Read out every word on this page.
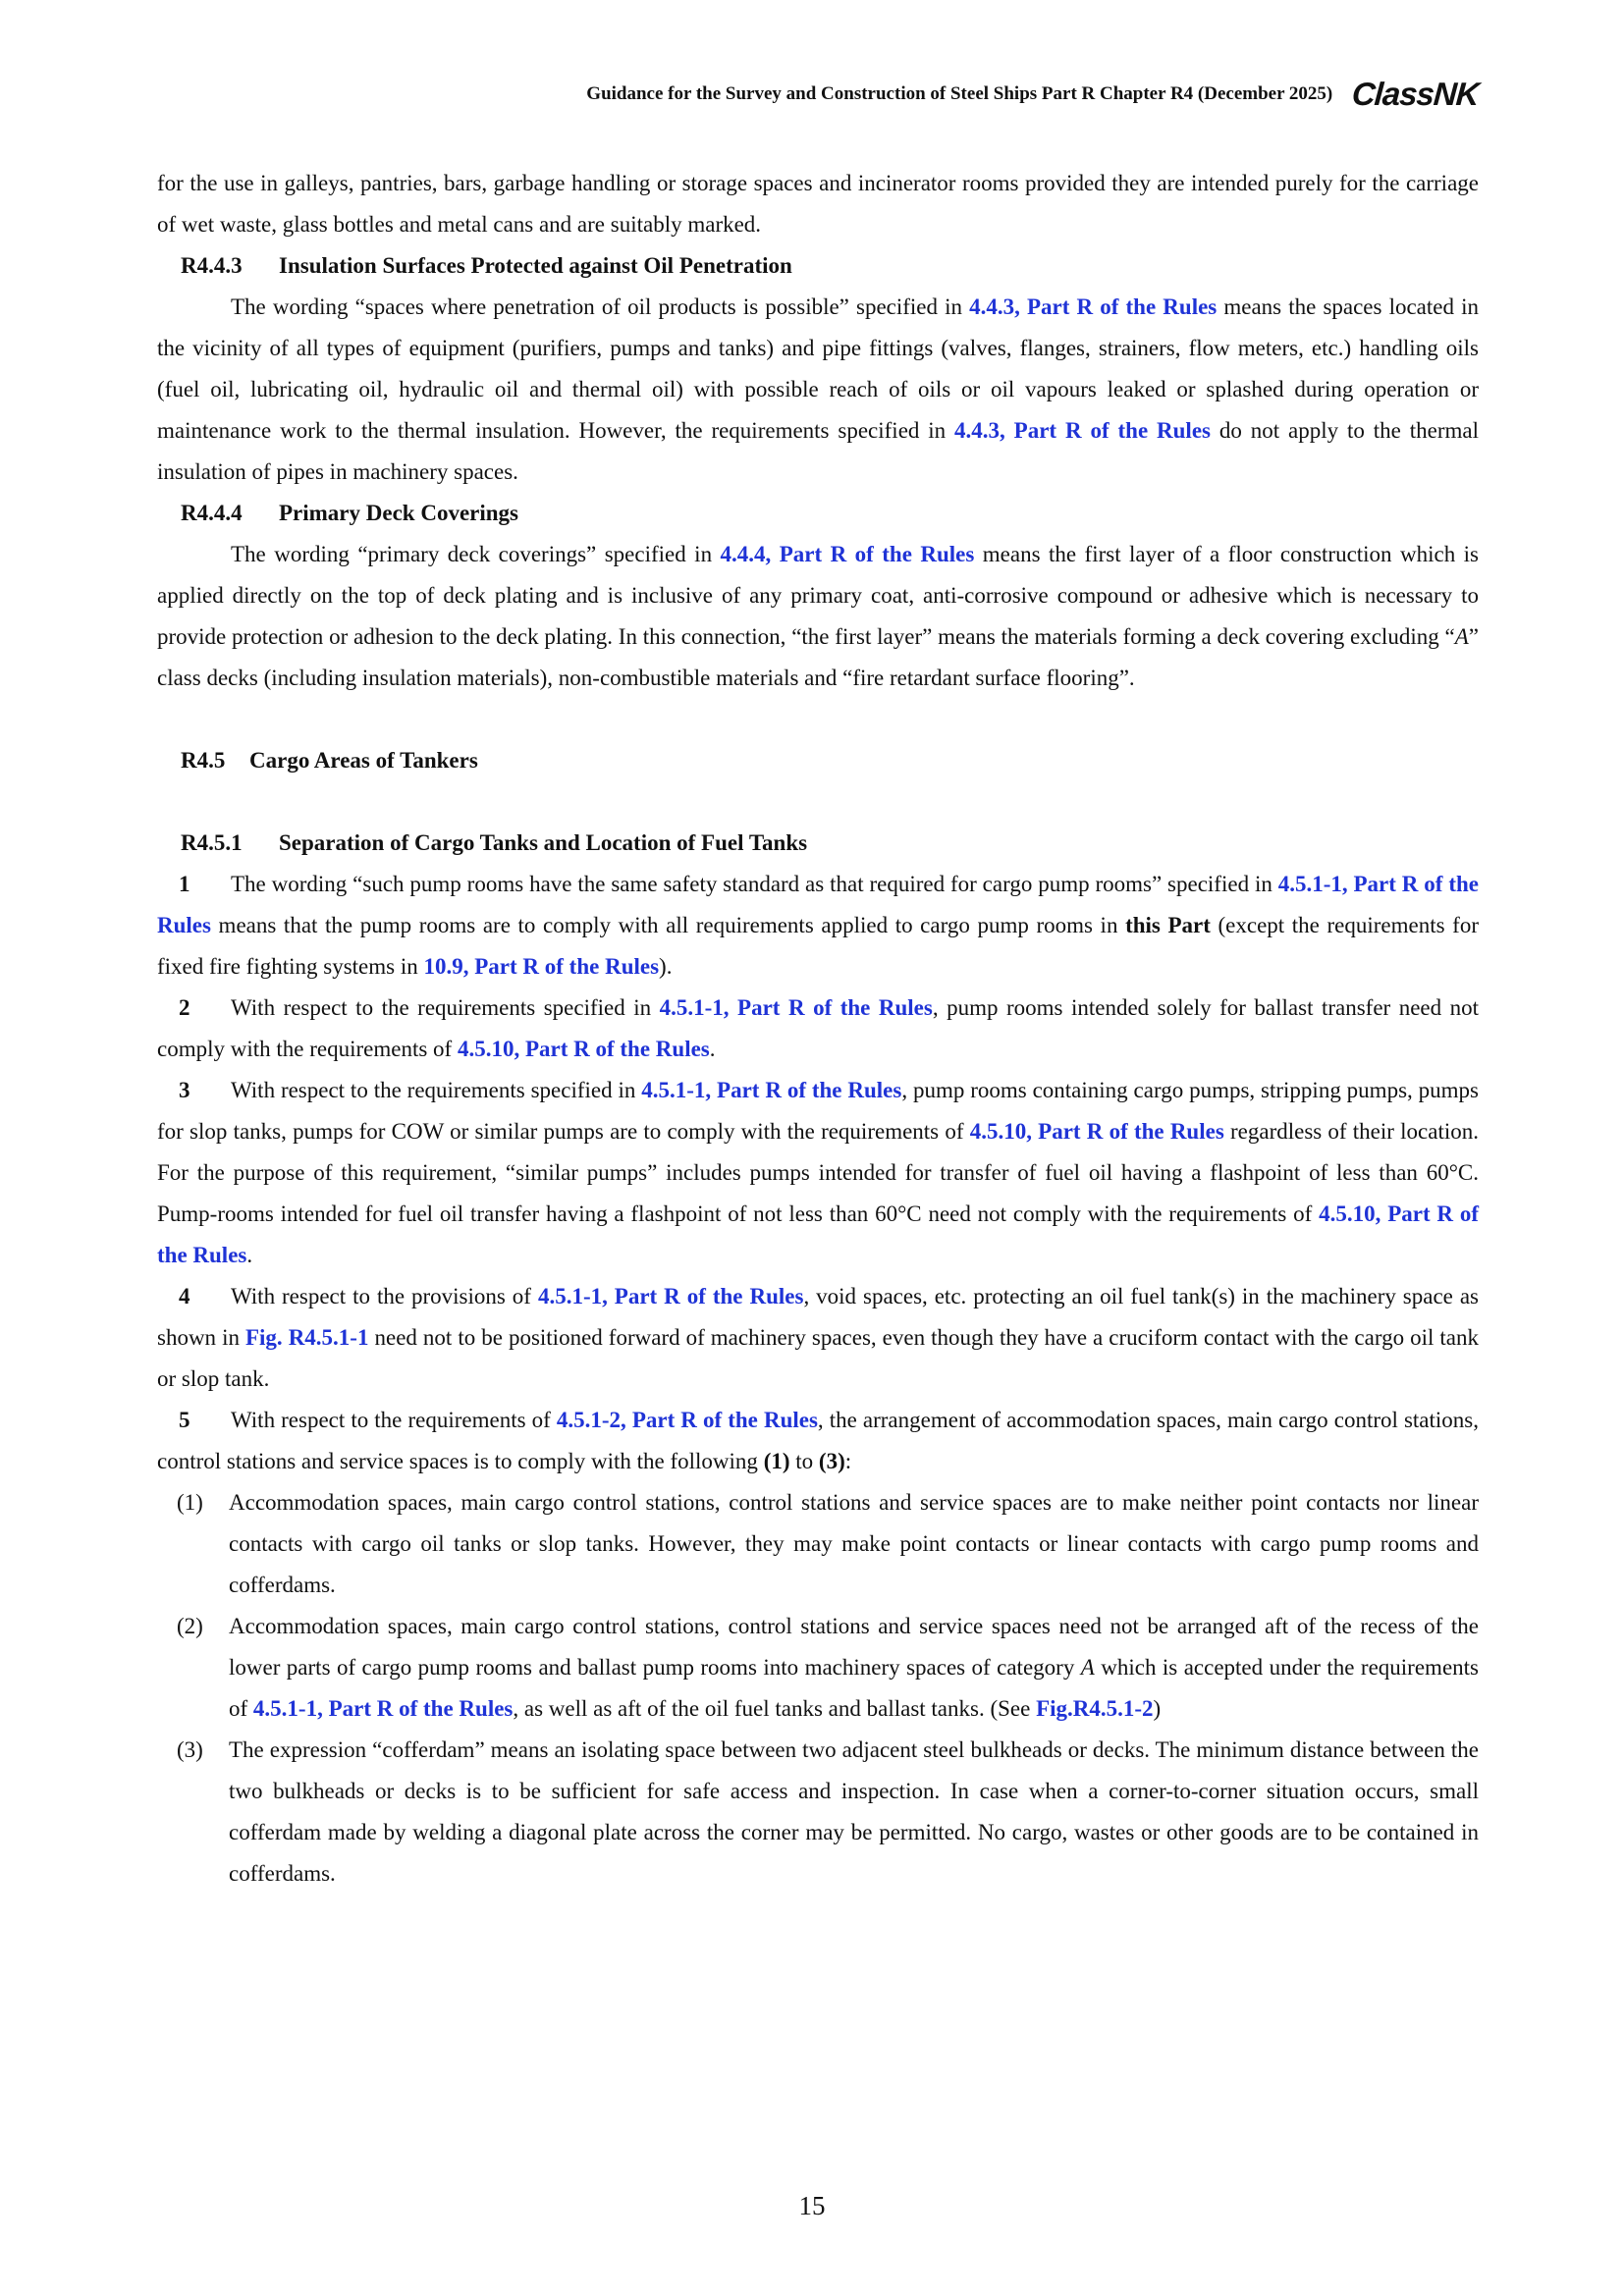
Guidance for the Survey and Construction of Steel Ships Part R Chapter R4 (December 2025) ClassNK

for the use in galleys, pantries, bars, garbage handling or storage spaces and incinerator rooms provided they are intended purely for the carriage of wet waste, glass bottles and metal cans and are suitably marked.

R4.4.3	Insulation Surfaces Protected against Oil Penetration

The wording “spaces where penetration of oil products is possible” specified in 4.4.3, Part R of the Rules means the spaces located in the vicinity of all types of equipment (purifiers, pumps and tanks) and pipe fittings (valves, flanges, strainers, flow meters, etc.) handling oils (fuel oil, lubricating oil, hydraulic oil and thermal oil) with possible reach of oils or oil vapours leaked or splashed during operation or maintenance work to the thermal insulation. However, the requirements specified in 4.4.3, Part R of the Rules do not apply to the thermal insulation of pipes in machinery spaces.

R4.4.4	Primary Deck Coverings

The wording “primary deck coverings” specified in 4.4.4, Part R of the Rules means the first layer of a floor construction which is applied directly on the top of deck plating and is inclusive of any primary coat, anti-corrosive compound or adhesive which is necessary to provide protection or adhesion to the deck plating. In this connection, “the first layer” means the materials forming a deck covering excluding “A” class decks (including insulation materials), non-combustible materials and “fire retardant surface flooring”.

R4.5	Cargo Areas of Tankers
R4.5.1	Separation of Cargo Tanks and Location of Fuel Tanks

1 The wording “such pump rooms have the same safety standard as that required for cargo pump rooms” specified in 4.5.1-1, Part R of the Rules means that the pump rooms are to comply with all requirements applied to cargo pump rooms in this Part (except the requirements for fixed fire fighting systems in 10.9, Part R of the Rules).

2 With respect to the requirements specified in 4.5.1-1, Part R of the Rules, pump rooms intended solely for ballast transfer need not comply with the requirements of 4.5.10, Part R of the Rules.

3 With respect to the requirements specified in 4.5.1-1, Part R of the Rules, pump rooms containing cargo pumps, stripping pumps, pumps for slop tanks, pumps for COW or similar pumps are to comply with the requirements of 4.5.10, Part R of the Rules regardless of their location. For the purpose of this requirement, “similar pumps” includes pumps intended for transfer of fuel oil having a flashpoint of less than 60°C. Pump-rooms intended for fuel oil transfer having a flashpoint of not less than 60°C need not comply with the requirements of 4.5.10, Part R of the Rules.

4 With respect to the provisions of 4.5.1-1, Part R of the Rules, void spaces, etc. protecting an oil fuel tank(s) in the machinery space as shown in Fig. R4.5.1-1 need not to be positioned forward of machinery spaces, even though they have a cruciform contact with the cargo oil tank or slop tank.

5 With respect to the requirements of 4.5.1-2, Part R of the Rules, the arrangement of accommodation spaces, main cargo control stations, control stations and service spaces is to comply with the following (1) to (3):

(1)	Accommodation spaces, main cargo control stations, control stations and service spaces are to make neither point contacts nor linear contacts with cargo oil tanks or slop tanks. However, they may make point contacts or linear contacts with cargo pump rooms and cofferdams.
(2)	Accommodation spaces, main cargo control stations, control stations and service spaces need not be arranged aft of the recess of the lower parts of cargo pump rooms and ballast pump rooms into machinery spaces of category A which is accepted under the requirements of 4.5.1-1, Part R of the Rules, as well as aft of the oil fuel tanks and ballast tanks. (See Fig.R4.5.1-2)
(3)	The expression “cofferdam” means an isolating space between two adjacent steel bulkheads or decks. The minimum distance between the two bulkheads or decks is to be sufficient for safe access and inspection. In case when a corner-to-corner situation occurs, small cofferdam made by welding a diagonal plate across the corner may be permitted. No cargo, wastes or other goods are to be contained in cofferdams.
15
